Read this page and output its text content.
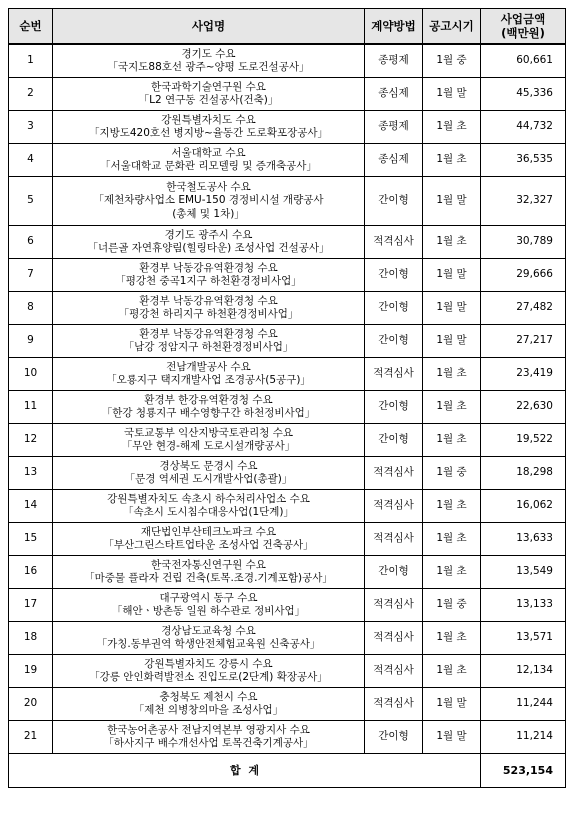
순번	사업명	계약방법	공고시기	사업금액
(백만원)

1	경기도 수요
「국지도88호선 광주~양평 도로건설공사」	종평제	1월 중	60,661
2	한국과학기술연구원 수요
「L2 연구동 건설공사(건축)」	종심제	1월 말	45,336
3	강원특별자치도 수요
「지방도420호선 병지방~율동간 도로확포장공사」	종평제	1월 초	44,732
4	서울대학교 수요
「서울대학교 문화관 리모델링 및 증개축공사」	종심제	1월 초	36,535
5	한국철도공사 수요
「제천차량사업소 EMU-150 경정비시설 개량공사
(총체 및 1차)」	간이형	1월 말	32,327
6	경기도 광주시 수요
「너른골 자연휴양림(힐링타운) 조성사업 건설공사」	적격심사	1월 초	30,789
7	환경부 낙동강유역환경청 수요
「평강천 중곡1지구 하천환경정비사업」	간이형	1월 말	29,666
8	환경부 낙동강유역환경청 수요
「평강천 하리지구 하천환경정비사업」	간이형	1월 말	27,482
9	환경부 낙동강유역환경청 수요
「남강 정암지구 하천환경정비사업」	간이형	1월 말	27,217
10	전남개발공사 수요
「오룡지구 택지개발사업 조경공사(5공구)」	적격심사	1월 초	23,419
11	환경부 한강유역환경청 수요
「한강 청룡지구 배수영향구간 하천정비사업」	간이형	1월 초	22,630
12	국토교통부 익산지방국토관리청 수요
「무안 현경-해제 도로시설개량공사」	간이형	1월 초	19,522
13	경상북도 문경시 수요
「문경 역세권 도시개발사업(총괄)」	적격심사	1월 중	18,298
14	강원특별자치도 속초시 하수처리사업소 수요
「속초시 도시침수대응사업(1단계)」	적격심사	1월 초	16,062
15	재단법인부산테크노파크 수요
「부산그린스타트업타운 조성사업 건축공사」	적격심사	1월 초	13,633
16	한국전자통신연구원 수요
「마중물 플라자 건립 건축(토목.조경.기계포함)공사」	간이형	1월 초	13,549
17	대구광역시 동구 수요
「해안ㆍ방촌동 일원 하수관로 정비사업」	적격심사	1월 중	13,133
18	경상남도교육청 수요
「가칭.동부권역 학생안전체험교육원 신축공사」	적격심사	1월 초	13,571
19	강원특별자치도 강릉시 수요
「강릉 안인화력발전소 진입도로(2단계) 확장공사」	적격심사	1월 초	12,134
20	충청북도 제천시 수요
「제천 의병창의마을 조성사업」	적격심사	1월 말	11,244
21	한국농어촌공사 전남지역본부 영광지사 수요
「하사지구 배수개선사업 토목건축기계공사」	간이형	1월 말	11,214
합  계				523,154
